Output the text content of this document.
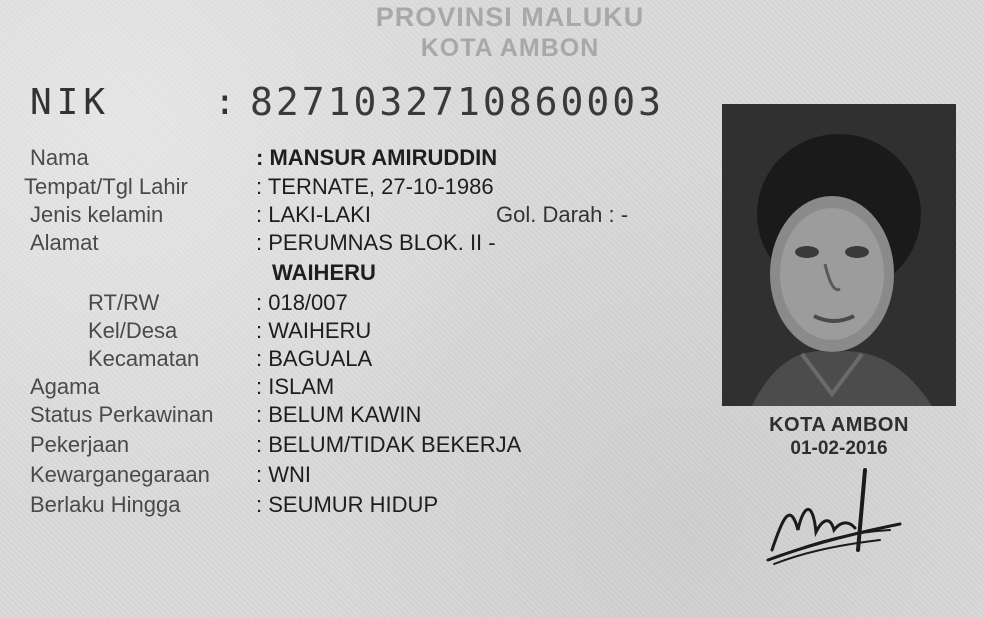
PROVINSI MALUKU
KOTA AMBON
NIK	: 8271032710860003
Nama	: MANSUR AMIRUDDIN
Tempat/Tgl Lahir	: TERNATE, 27-10-1986
Jenis kelamin	: LAKI-LAKI	Gol. Darah : -
Alamat	: PERUMNAS BLOK. II -
WAIHERU
RT/RW	: 018/007
Kel/Desa	: WAIHERU
Kecamatan	: BAGUALA
Agama	: ISLAM
Status Perkawinan : BELUM KAWIN
Pekerjaan	: BELUM/TIDAK BEKERJA
Kewarganegaraan : WNI
Berlaku Hingga	: SEUMUR HIDUP
KOTA AMBON
01-02-2016
